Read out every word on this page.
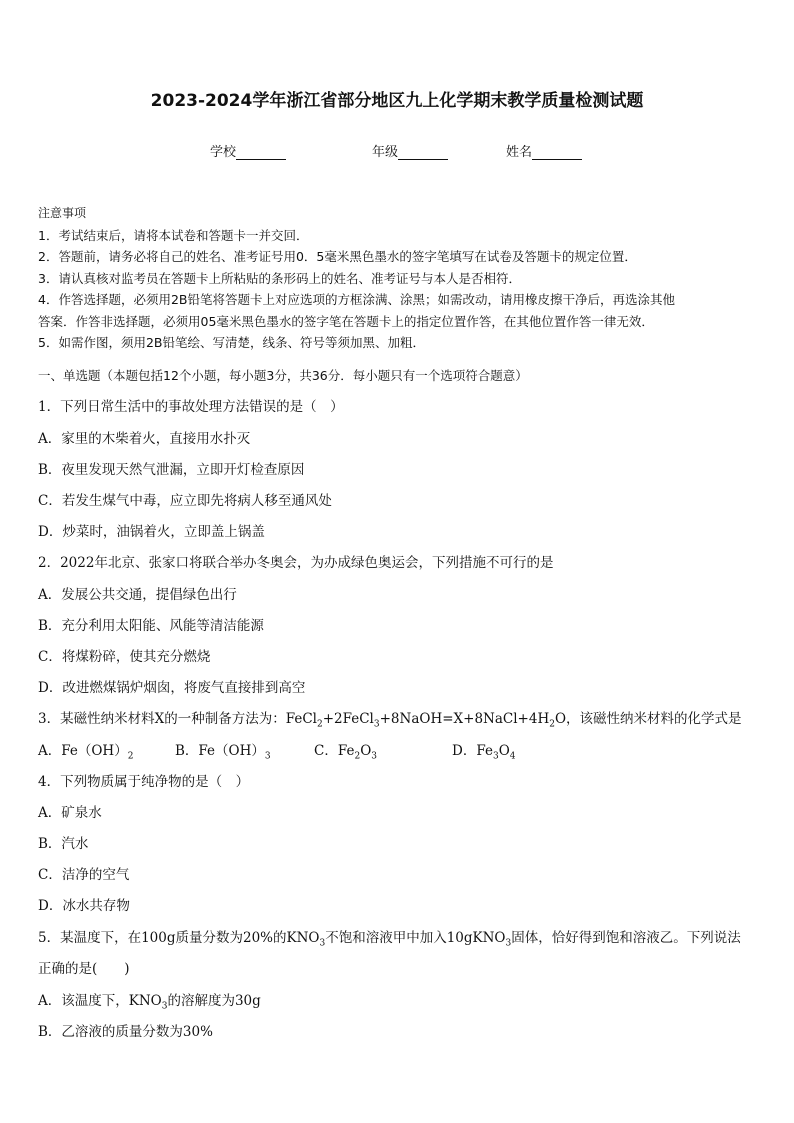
2023-2024学年浙江省部分地区九上化学期末教学质量检测试题
学校	年级	姓名

注意事项

1．考试结束后，请将本试卷和答题卡一并交回．

2．答题前，请务必将自己的姓名、准考证号用0．5毫米黑色墨水的签字笔填写在试卷及答题卡的规定位置．

3．请认真核对监考员在答题卡上所粘贴的条形码上的姓名、准考证号与本人是否相符．

4．作答选择题，必须用2B铅笔将答题卡上对应选项的方框涂满、涂黑；如需改动，请用橡皮擦干净后，再选涂其他

答案．作答非选择题，必须用05毫米黑色墨水的签字笔在答题卡上的指定位置作答，在其他位置作答一律无效．

5．如需作图，须用2B铅笔绘、写清楚，线条、符号等须加黑、加粗．

一、单选题（本题包括12个小题，每小题3分，共36分．每小题只有一个选项符合题意）
1．下列日常生活中的事故处理方法错误的是（　）
A．家里的木柴着火，直接用水扑灭
B．夜里发现天然气泄漏，立即开灯检查原因
C．若发生煤气中毒，应立即先将病人移至通风处
D．炒菜时，油锅着火，立即盖上锅盖
2．2022年北京、张家口将联合举办冬奥会，为办成绿色奥运会，下列措施不可行的是
A．发展公共交通，提倡绿色出行
B．充分利用太阳能、风能等清洁能源
C．将煤粉碎，使其充分燃烧
D．改进燃煤锅炉烟囱，将废气直接排到高空
3．某磁性纳米材料X的一种制备方法为：$FeCl_2+2FeCl_3+8NaOH=X+8NaCl+4H_2O$，该磁性纳米材料的化学式是
A．$Fe(OH)_2$	B．$Fe(OH)_3$	C．$Fe_2O_3$	D．$Fe_3O_4$
4．下列物质属于纯净物的是（　）
A．矿泉水
B．汽水
C．洁净的空气
D．冰水共存物
5．某温度下，在100g质量分数为20%的$KNO_3$不饱和溶液甲中加入10gKNO$_3$固体，恰好得到饱和溶液乙。下列说法
正确的是(　　)
A．该温度下，$KNO_3$的溶解度为30g
B．乙溶液的质量分数为30%
